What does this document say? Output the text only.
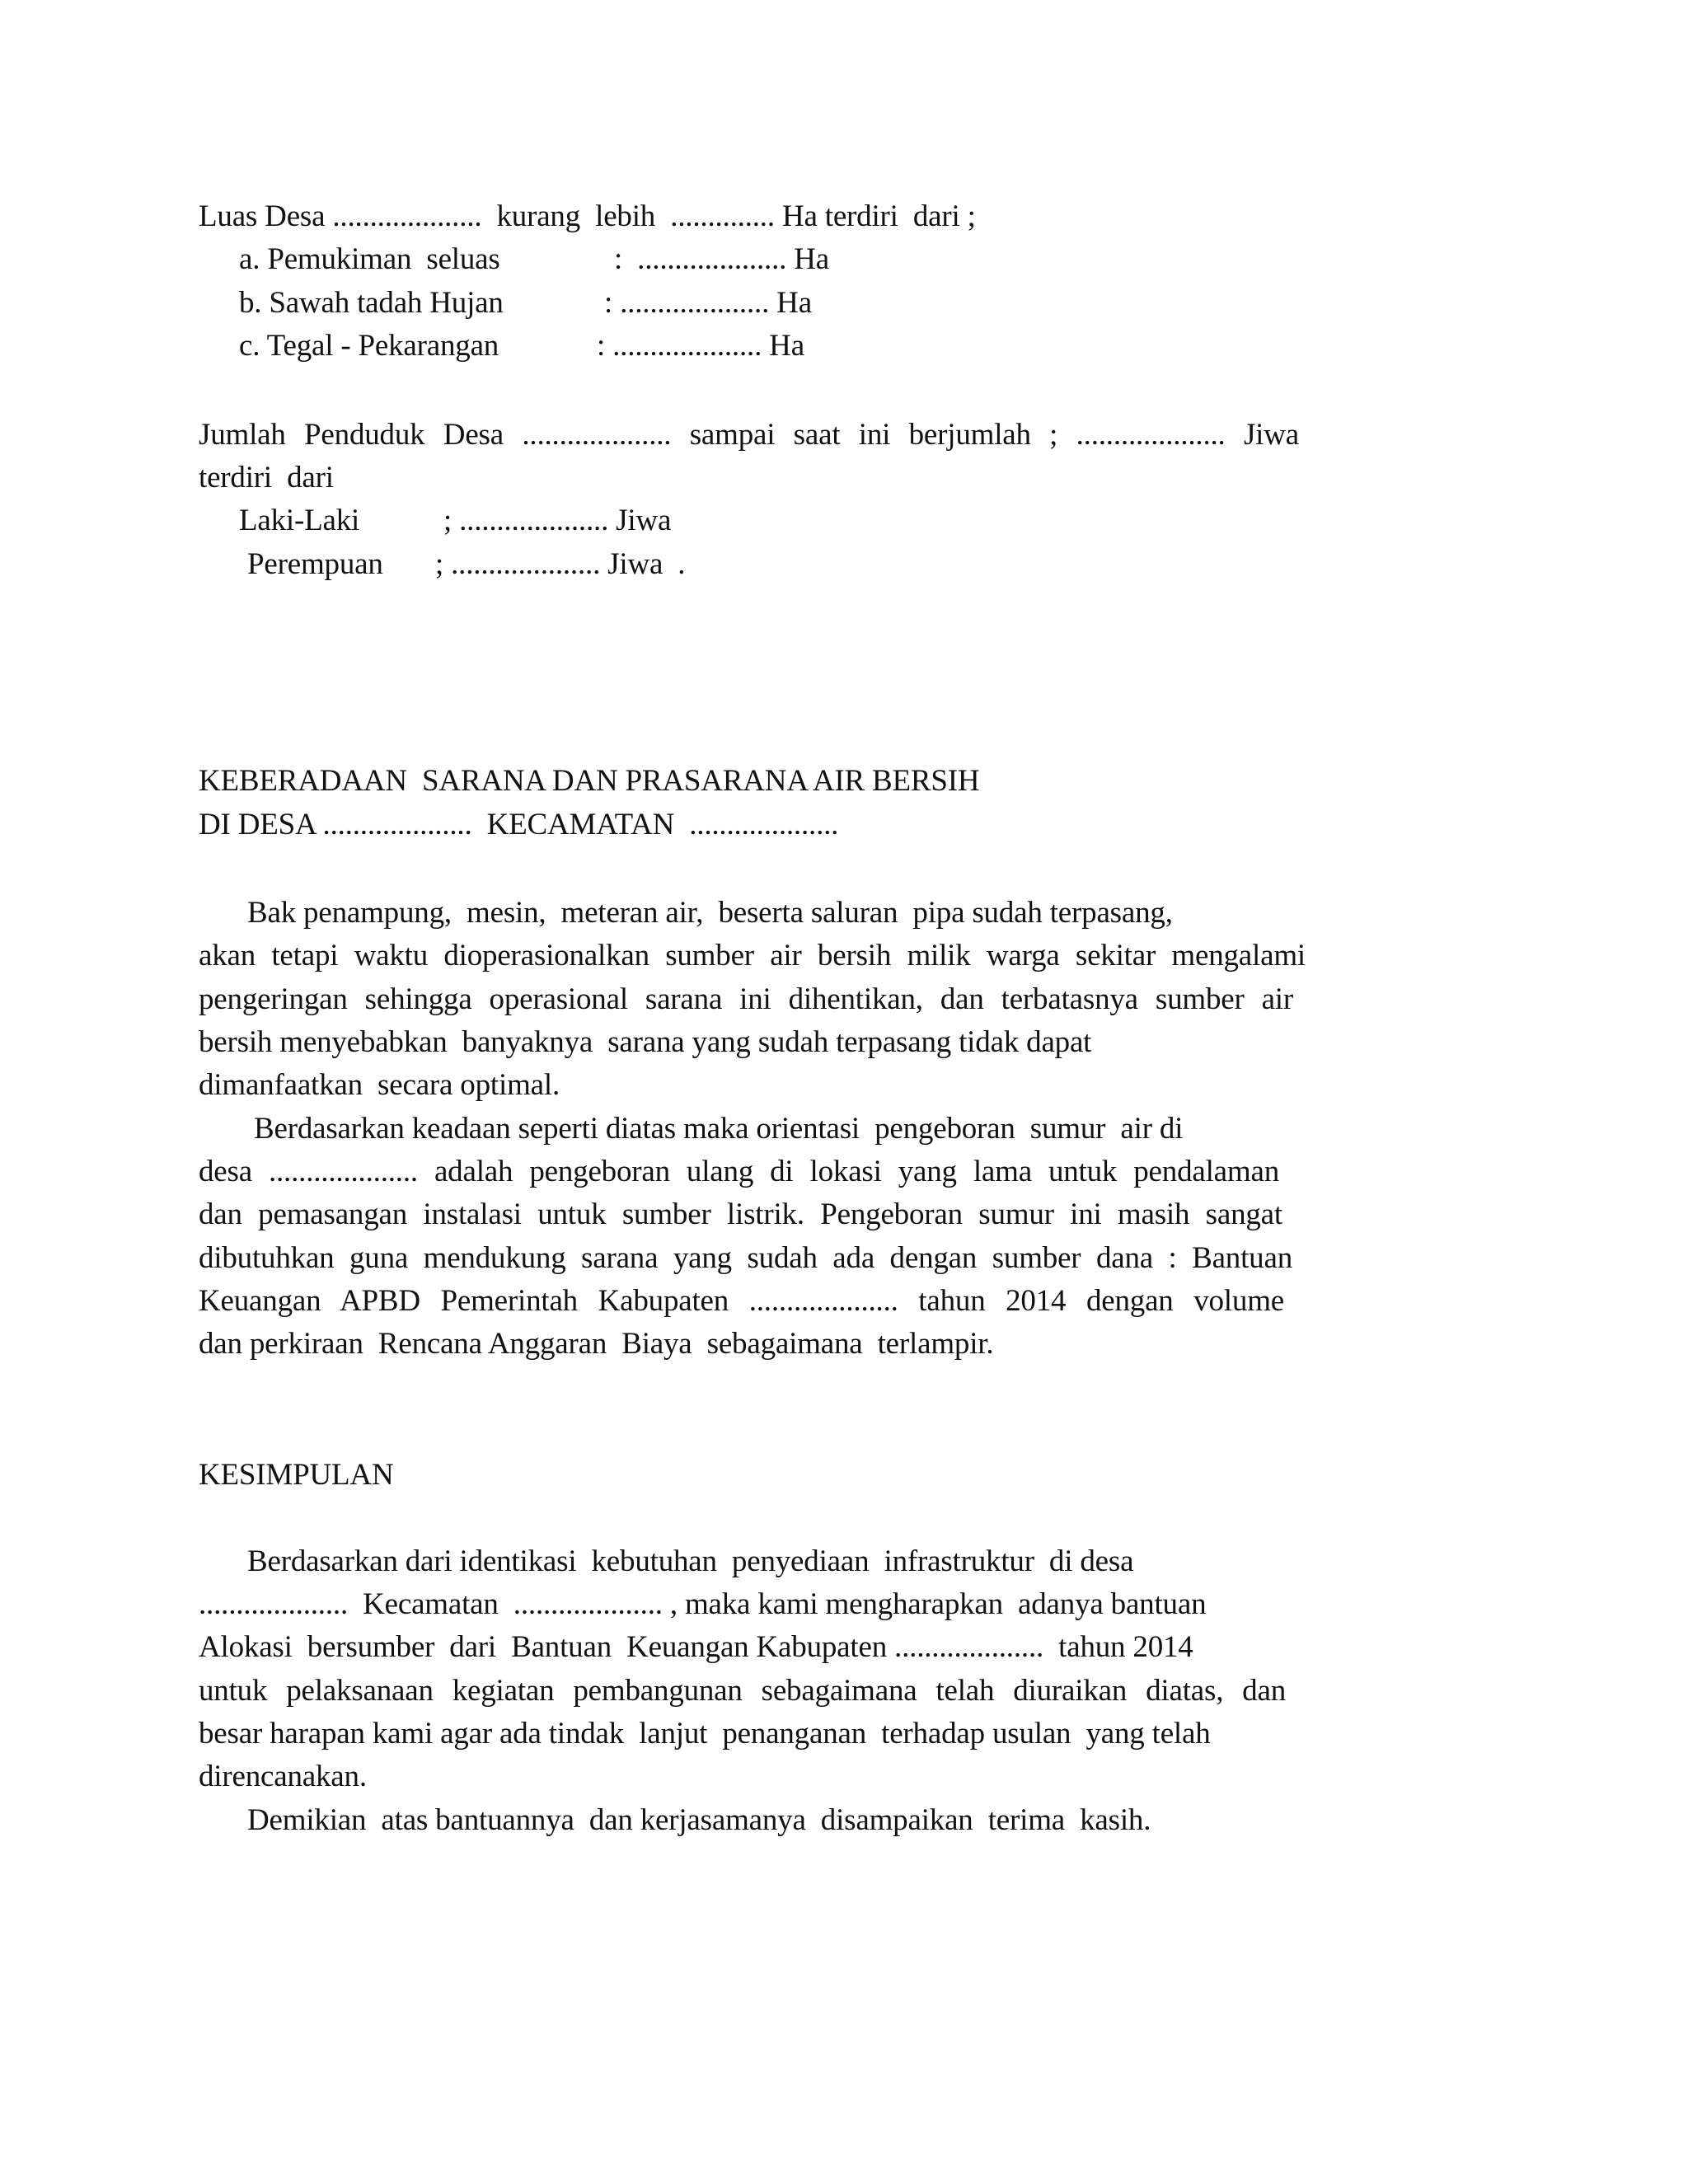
Luas Desa ....................  kurang  lebih  .............. Ha terdiri  dari ;
a. Pemukiman  seluas	:  .................... Ha
b. Sawah tadah Hujan	: .................... Ha
c. Tegal - Pekarangan	: .................... Ha
Jumlah Penduduk Desa .................... sampai saat ini berjumlah ; .................... Jiwa
terdiri  dari
Laki-Laki	; .................... Jiwa
Perempuan ; .................... Jiwa  .
KEBERADAAN  SARANA DAN PRASARANA AIR BERSIH
DI DESA ....................  KECAMATAN  ....................
Bak penampung,  mesin,  meteran air,  beserta saluran  pipa sudah terpasang,
akan tetapi waktu dioperasionalkan sumber air bersih milik warga sekitar mengalami
pengeringan sehingga operasional sarana ini dihentikan, dan terbatasnya sumber air
bersih menyebabkan  banyaknya  sarana yang sudah terpasang tidak dapat
dimanfaatkan  secara optimal.
Berdasarkan keadaan seperti diatas maka orientasi  pengeboran  sumur  air di
desa .................... adalah pengeboran ulang di lokasi yang lama untuk pendalaman
dan pemasangan instalasi untuk sumber listrik. Pengeboran sumur ini masih sangat
dibutuhkan guna mendukung sarana yang sudah ada dengan sumber dana : Bantuan
Keuangan APBD Pemerintah Kabupaten .................... tahun 2014 dengan volume
dan perkiraan  Rencana Anggaran  Biaya  sebagaimana  terlampir.
KESIMPULAN
Berdasarkan dari identikasi  kebutuhan  penyediaan  infrastruktur  di desa
....................  Kecamatan  .................... , maka kami mengharapkan  adanya bantuan
Alokasi  bersumber  dari  Bantuan  Keuangan Kabupaten ....................  tahun 2014
untuk pelaksanaan kegiatan pembangunan sebagaimana telah diuraikan diatas, dan
besar harapan kami agar ada tindak  lanjut  penanganan  terhadap usulan  yang telah
direncanakan.
Demikian  atas bantuannya  dan kerjasamanya  disampaikan  terima  kasih.
